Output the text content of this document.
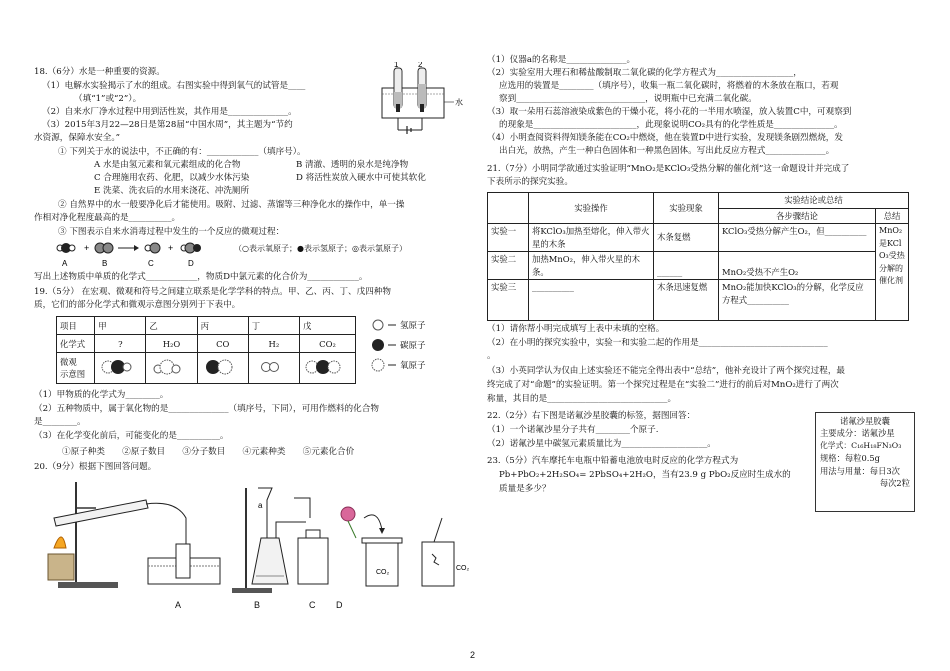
18.（6分）水是一种重要的资源。
（1）电解水实验揭示了水的组成。右图实验中得到氧气的试管是____
（填“1”或“2”）。
（2）自来水厂净水过程中用到活性炭，其作用是______________。
（3）2015年3月22—28日是第28届“中国水周”，其主题为“节约
水资源，保障水安全。”
① 下列关于水的说法中，不正确的有：____________（填序号）。
A 水是由氢元素和氧元素组成的化合物	B 清澈、透明的泉水是纯净物
C 合理施用农药、化肥，以减少水体污染	D 将活性炭放入硬水中可使其软化
E 洗菜、洗衣后的水用来浇花、冲洗厕所
② 自然界中的水一般要净化后才能使用。吸附、过滤、蒸馏等三种净化水的操作中，单一操
作相对净化程度最高的是__________。
③ 下图表示自来水消毒过程中发生的一个反应的微观过程：
（○表示氧原子；●表示氢原子；◎表示氯原子）
写出上述物质中单质的化学式____________，物质D中氯元素的化合价为____________。
19.（5分） 在宏观、微观和符号之间建立联系是化学学科的特点。甲、乙、丙、丁、戊四种物
质，它们的部分化学式和微观示意图分别列于下表中。
（1）甲物质的化学式为________。
（2）五种物质中，属于氧化物的是______________（填序号，下同），可用作燃料的化合物
是________。
（3）在化学变化前后，可能变化的是__________。
①原子种类　　②原子数目　　③分子数目　　④元素种类　　⑤元素化合价
20.（9分）根据下图回答问题。
1 2
水
+	+
A	B	C	D
项目	甲	乙	丙	丁	戊
化学式	?	H₂O	CO	H₂	CO₂
微观
示意图					
氢原子
碳原子
氧原子
a
CO₂
CO₂
A	B	C D
（1）仪器a的名称是______________。
（2）实验室用大理石和稀盐酸制取二氧化碳的化学方程式为__________________，
应选用的装置是________（填序号），收集一瓶二氧化碳时，将燃着的木条放在瓶口，若观
察到______________________________，说明瓶中已充满二氧化碳。
（3）取一朵用石蕊溶液染成紫色的干燥小花，将小花的一半用水喷湿，放入装置C中，可观察到
的现象是________________________，此现象说明CO₂具有的化学性质是______________。
（4）小明查阅资料得知镁条能在CO₂中燃烧，他在装置D中进行实验，发现镁条剧烈燃烧，发
出白光，放热，产生一种白色固体和一种黑色固体。写出此反应方程式______________。
21.（7分）小明同学欲通过实验证明“MnO₂是KClO₃受热分解的催化剂”这一命题设计并完成了
下表所示的探究实验。
（1）请你帮小明完成填写上表中未填的空格。
（2）在小明的探究实验中，实验一和实验二起的作用是______________________________
。
（3）小英同学认为仅由上述实验还不能完全得出表中“总结”，他补充设计了两个探究过程，最
终完成了对“命题”的实验证明。第一个探究过程是在“实验二”进行的前后对MnO₂进行了两次
称量，其目的是____________________________。
22.（2分）右下图是诺氟沙星胶囊的标签，据图回答：
（1）一个诺氟沙星分子共有________个原子.
（2）诺氟沙星中碳氢元素质量比为____________________。
23.（5分）汽车摩托车电瓶中铅蓄电池放电时反应的化学方程式为
Pb+PbO₂+2H₂SO₄= 2PbSO₄+2H₂O，当有23.9 g PbO₂反应时生成水的
质量是多少？
	实验操作	实验现象	实验结论或总结	
			各步骤结论	总结
实验一	将KClO₃加热至熔化，伸入带火星的木条	木条复燃	KClO₃受热分解产生O₂，但__________	MnO₂是KClO₃受热分解的催化剂
实验二	加热MnO₂，伸入带火星的木条。	______	MnO₂受热不产生O₂	
实验三	__________	木条迅速复燃	MnO₂能加快KClO₃的分解，化学反应方程式__________	
诺氟沙星胶囊
主要成分：诺氟沙星
化学式：C₁₆H₁₈FN₃O₃
规格：每粒0.5g
用法与用量：每日3次
每次2粒
2
